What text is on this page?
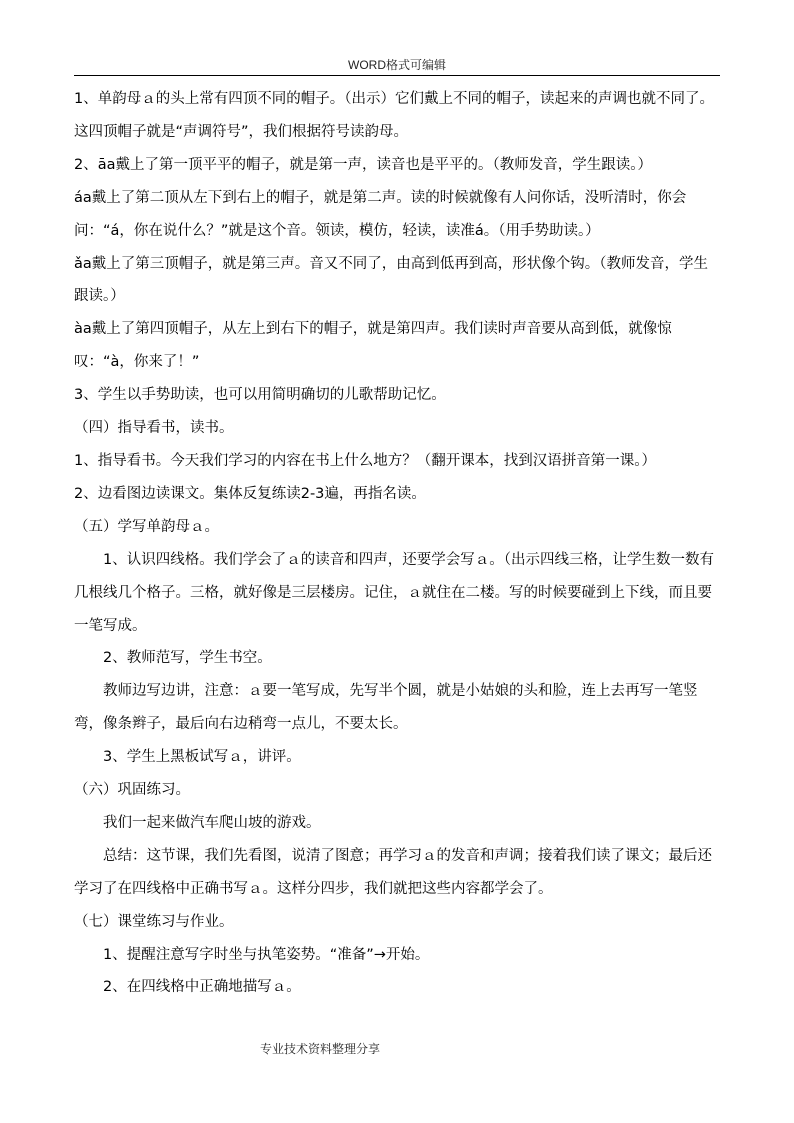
WORD格式可编辑

1、单韵母ａ的头上常有四顶不同的帽子。（出示）它们戴上不同的帽子，读起来的声调也就不同了。这四顶帽子就是“声调符号”，我们根据符号读韵母。

2、āa戴上了第一顶平平的帽子，就是第一声，读音也是平平的。（教师发音，学生跟读。）

áa戴上了第二顶从左下到右上的帽子，就是第二声。读的时候就像有人问你话，没听清时，你会问：“á，你在说什么？”就是这个音。领读，模仿，轻读，读准á。（用手势助读。）

ǎa戴上了第三顶帽子，就是第三声。音又不同了，由高到低再到高，形状像个钩。（教师发音，学生跟读。）

àa戴上了第四顶帽子，从左上到右下的帽子，就是第四声。我们读时声音要从高到低，就像惊叹：“à，你来了！”

3、学生以手势助读，也可以用简明确切的儿歌帮助记忆。

（四）指导看书，读书。

1、指导看书。今天我们学习的内容在书上什么地方？（翻开课本，找到汉语拼音第一课。）

2、边看图边读课文。集体反复练读2-3遍，再指名读。

（五）学写单韵母ａ。

1、认识四线格。我们学会了ａ的读音和四声，还要学会写ａ。（出示四线三格，让学生数一数有几根线几个格子。三格，就好像是三层楼房。记住，ａ就住在二楼。写的时候要碰到上下线，而且要一笔写成。

2、教师范写，学生书空。

教师边写边讲，注意：ａ要一笔写成，先写半个圆，就是小姑娘的头和脸，连上去再写一笔竖弯，像条辫子，最后向右边稍弯一点儿，不要太长。

3、学生上黑板试写ａ，讲评。

（六）巩固练习。

我们一起来做汽车爬山坡的游戏。

总结：这节课，我们先看图，说清了图意；再学习ａ的发音和声调；接着我们读了课文；最后还学习了在四线格中正确书写ａ。这样分四步，我们就把这些内容都学会了。

（七）课堂练习与作业。

1、提醒注意写字时坐与执笔姿势。“准备”→开始。

2、在四线格中正确地描写ａ。

专业技术资料整理分享
